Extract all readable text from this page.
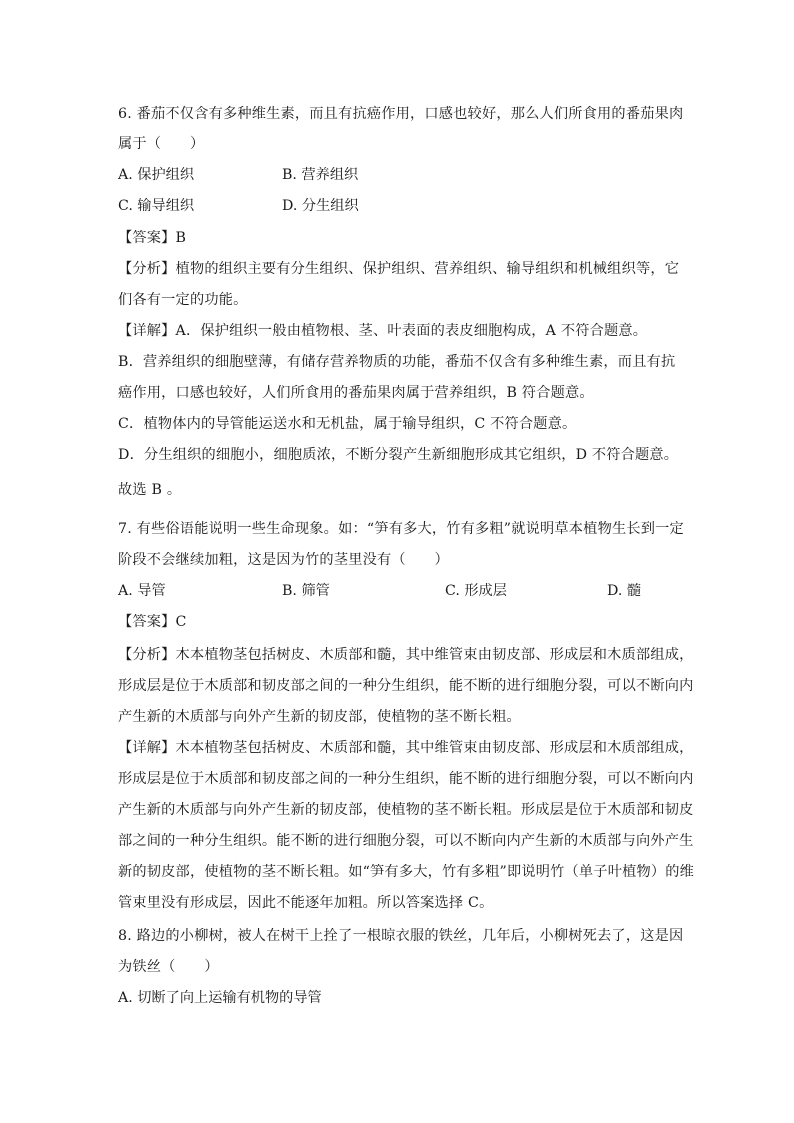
6. 番茄不仅含有多种维生素，而且有抗癌作用，口感也较好，那么人们所食用的番茄果肉
属于（　　）
A. 保护组织	B. 营养组织
C. 输导组织	D. 分生组织
【答案】B
【分析】植物的组织主要有分生组织、保护组织、营养组织、输导组织和机械组织等，它
们各有一定的功能。
【详解】A．保护组织一般由植物根、茎、叶表面的表皮细胞构成，A 不符合题意。
B．营养组织的细胞壁薄，有储存营养物质的功能，番茄不仅含有多种维生素，而且有抗
癌作用，口感也较好，人们所食用的番茄果肉属于营养组织，B 符合题意。
C．植物体内的导管能运送水和无机盐，属于输导组织，C 不符合题意。
D．分生组织的细胞小，细胞质浓，不断分裂产生新细胞形成其它组织，D 不符合题意。
故选 B 。
7. 有些俗语能说明一些生命现象。如：“笋有多大，竹有多粗”就说明草本植物生长到一定
阶段不会继续加粗，这是因为竹的茎里没有（　　）
A. 导管	B. 筛管	C. 形成层	D. 髓
【答案】C
【分析】木本植物茎包括树皮、木质部和髓，其中维管束由韧皮部、形成层和木质部组成，
形成层是位于木质部和韧皮部之间的一种分生组织，能不断的进行细胞分裂，可以不断向内
产生新的木质部与向外产生新的韧皮部，使植物的茎不断长粗。
【详解】木本植物茎包括树皮、木质部和髓，其中维管束由韧皮部、形成层和木质部组成，
形成层是位于木质部和韧皮部之间的一种分生组织，能不断的进行细胞分裂，可以不断向内
产生新的木质部与向外产生新的韧皮部，使植物的茎不断长粗。形成层是位于木质部和韧皮
部之间的一种分生组织。能不断的进行细胞分裂，可以不断向内产生新的木质部与向外产生
新的韧皮部，使植物的茎不断长粗。如“笋有多大，竹有多粗”即说明竹（单子叶植物）的维
管束里没有形成层，因此不能逐年加粗。所以答案选择 C。
8. 路边的小柳树，被人在树干上拴了一根晾衣服的铁丝，几年后，小柳树死去了，这是因
为铁丝（　　）
A. 切断了向上运输有机物的导管
